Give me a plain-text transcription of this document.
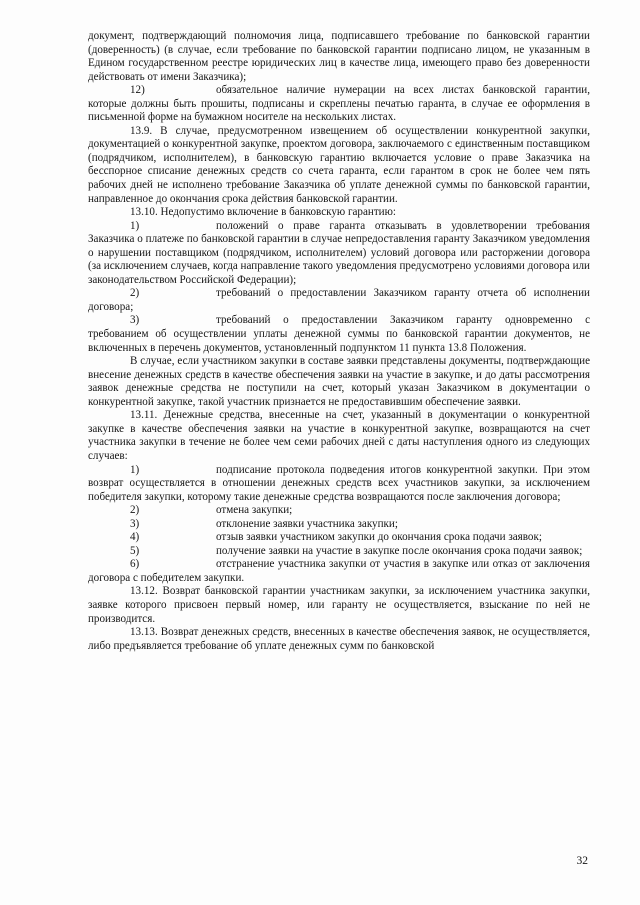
документ, подтверждающий полномочия лица, подписавшего требование по банковской гарантии (доверенность) (в случае, если требование по банковской гарантии подписано лицом, не указанным в Едином государственном реестре юридических лиц в качестве лица, имеющего право без доверенности действовать от имени Заказчика);

12)	обязательное наличие нумерации на всех листах банковской гарантии, которые должны быть прошиты, подписаны и скреплены печатью гаранта, в случае ее оформления в письменной форме на бумажном носителе на нескольких листах.

13.9. В случае, предусмотренном извещением об осуществлении конкурентной закупки, документацией о конкурентной закупке, проектом договора, заключаемого с единственным поставщиком (подрядчиком, исполнителем), в банковскую гарантию включается условие о праве Заказчика на бесспорное списание денежных средств со счета гаранта, если гарантом в срок не более чем пять рабочих дней не исполнено требование Заказчика об уплате денежной суммы по банковской гарантии, направленное до окончания срока действия банковской гарантии.

13.10. Недопустимо включение в банковскую гарантию:

1)	положений о праве гаранта отказывать в удовлетворении требования Заказчика о платеже по банковской гарантии в случае непредоставления гаранту Заказчиком уведомления о нарушении поставщиком (подрядчиком, исполнителем) условий договора или расторжении договора (за исключением случаев, когда направление такого уведомления предусмотрено условиями договора или законодательством Российской Федерации);

2)	требований о предоставлении Заказчиком гаранту отчета об исполнении договора;

3)	требований о предоставлении Заказчиком гаранту одновременно с требованием об осуществлении уплаты денежной суммы по банковской гарантии документов, не включенных в перечень документов, установленный подпунктом 11 пункта 13.8 Положения.

В случае, если участником закупки в составе заявки представлены документы, подтверждающие внесение денежных средств в качестве обеспечения заявки на участие в закупке, и до даты рассмотрения заявок денежные средства не поступили на счет, который указан Заказчиком в документации о конкурентной закупке, такой участник признается не предоставившим обеспечение заявки.

13.11. Денежные средства, внесенные на счет, указанный в документации о конкурентной закупке в качестве обеспечения заявки на участие в конкурентной закупке, возвращаются на счет участника закупки в течение не более чем семи рабочих дней с даты наступления одного из следующих случаев:

1)	подписание протокола подведения итогов конкурентной закупки. При этом возврат осуществляется в отношении денежных средств всех участников закупки, за исключением победителя закупки, которому такие денежные средства возвращаются после заключения договора;

2)	отмена закупки;

3)	отклонение заявки участника закупки;

4)	отзыв заявки участником закупки до окончания срока подачи заявок;

5)	получение заявки на участие в закупке после окончания срока подачи заявок;

6)	отстранение участника закупки от участия в закупке или отказ от заключения договора с победителем закупки.

13.12. Возврат банковской гарантии участникам закупки, за исключением участника закупки, заявке которого присвоен первый номер, или гаранту не осуществляется, взыскание по ней не производится.

13.13. Возврат денежных средств, внесенных в качестве обеспечения заявок, не осуществляется, либо предъявляется требование об уплате денежных сумм по банковской

32
